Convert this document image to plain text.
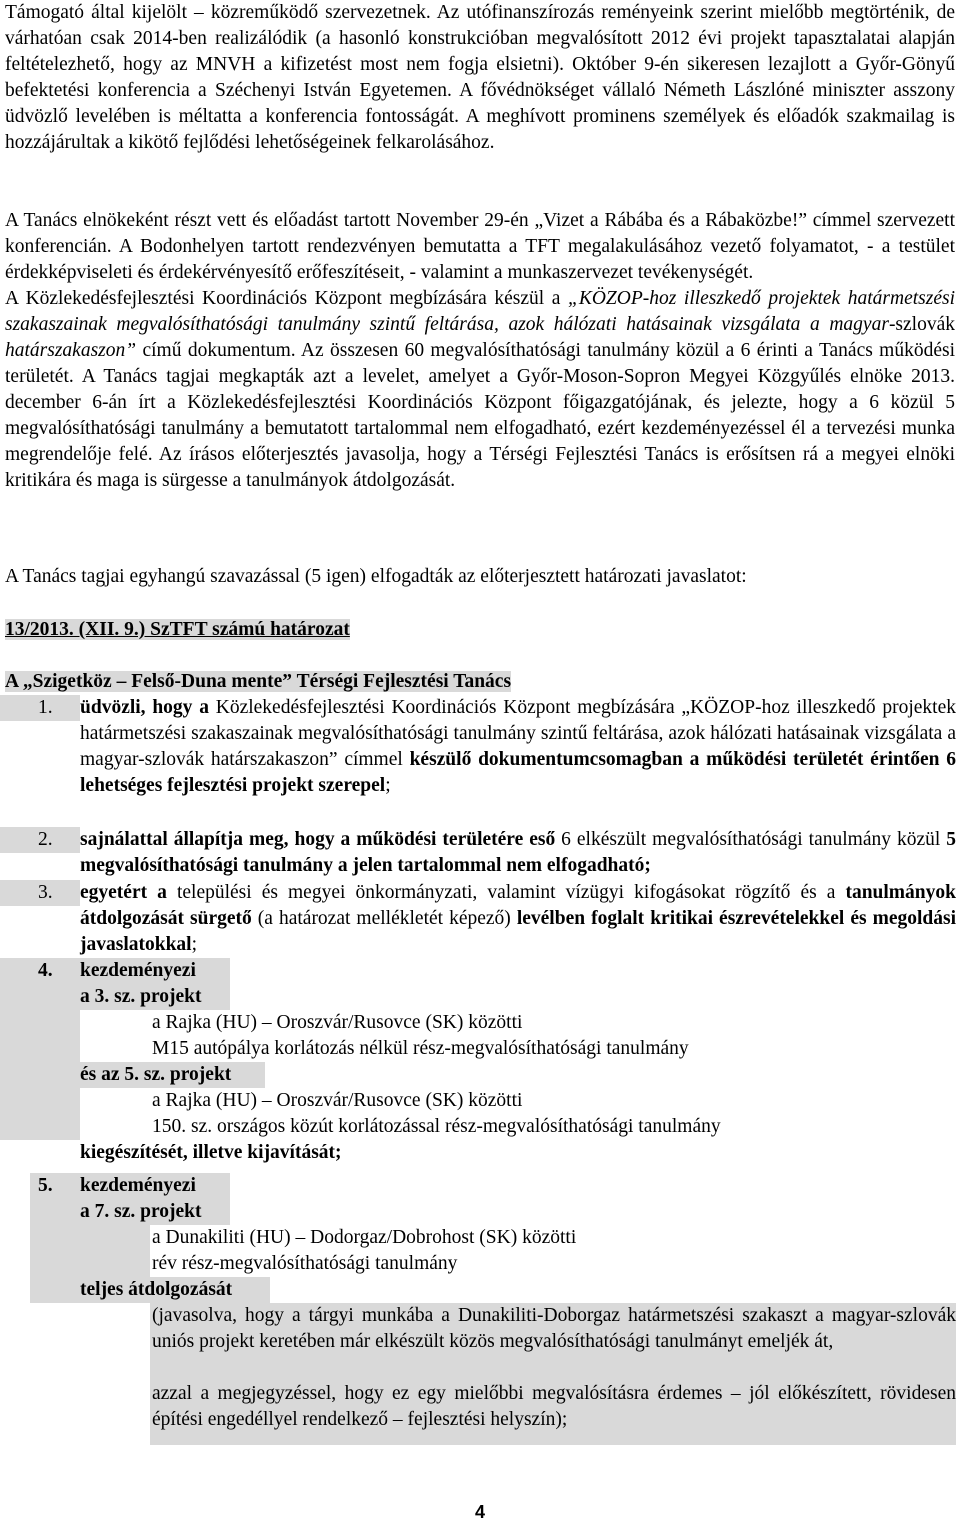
Támogató által kijelölt – közreműködő szervezetnek. Az utófinanszírozás reményeink szerint mielőbb megtörténik, de várhatóan csak 2014-ben realizálódik (a hasonló konstrukcióban megvalósított 2012 évi projekt tapasztalatai alapján feltételezhető, hogy az MNVH a kifizetést most nem fogja elsietni). Október 9-én sikeresen lezajlott a Győr-Gönyű befektetési konferencia a Széchenyi István Egyetemen. A fővédnökséget vállaló Németh Lászlóné miniszter asszony üdvözlő levelében is méltatta a konferencia fontosságát. A meghívott prominens személyek és előadók szakmailag is hozzájárultak a kikötő fejlődési lehetőségeinek felkarolásához.

A Tanács elnökeként részt vett és előadást tartott November 29-én „Vizet a Rábába és a Rábaközbe!” címmel szervezett konferencián. A Bodonhelyen tartott rendezvényen bemutatta a TFT megalakulásához vezető folyamatot, - a testület érdekképviseleti és érdekérvényesítő erőfeszítéseit, - valamint a munkaszervezet tevékenységét.

A Közlekedésfejlesztési Koordinációs Központ megbízására készül a „KÖZOP-hoz illeszkedő projektek határmetszési szakaszainak megvalósíthatósági tanulmány szintű feltárása, azok hálózati hatásainak vizsgálata a magyar-szlovák határszakaszon” című dokumentum. Az összesen 60 megvalósíthatósági tanulmány közül a 6 érinti a Tanács működési területét. A Tanács tagjai megkapták azt a levelet, amelyet a Győr-Moson-Sopron Megyei Közgyűlés elnöke 2013. december 6-án írt a Közlekedésfejlesztési Koordinációs Központ főigazgatójának, és jelezte, hogy a 6 közül 5 megvalósíthatósági tanulmány a bemutatott tartalommal nem elfogadható, ezért kezdeményezéssel él a tervezési munka megrendelője felé. Az írásos előterjesztés javasolja, hogy a Térségi Fejlesztési Tanács is erősítsen rá a megyei elnöki kritikára és maga is sürgesse a tanulmányok átdolgozását.

A Tanács tagjai egyhangú szavazással (5 igen) elfogadták az előterjesztett határozati javaslatot:

13/2013. (XII. 9.) SzTFT számú határozat

A „Szigetköz – Felső-Duna mente” Térségi Fejlesztési Tanács

1.	üdvözli, hogy a Közlekedésfejlesztési Koordinációs Központ megbízására „KÖZOP-hoz illeszkedő projektek határmetszési szakaszainak megvalósíthatósági tanulmány szintű feltárása, azok hálózati hatásainak vizsgálata a magyar-szlovák határszakaszon” címmel készülő dokumentumcsomagban a működési területét érintően 6 lehetséges fejlesztési projekt szerepel;

2.	sajnálattal állapítja meg, hogy a működési területére eső 6 elkészült megvalósíthatósági tanulmány közül 5 megvalósíthatósági tanulmány a jelen tartalommal nem elfogadható;

3.	egyetért a települési és megyei önkormányzati, valamint vízügyi kifogásokat rögzítő és a tanulmányok átdolgozását sürgető (a határozat mellékletét képező) levélben foglalt kritikai észrevételekkel és megoldási javaslatokkal;

4.	kezdeményezi

a 3. sz. projekt

a Rajka (HU) – Oroszvár/Rusovce (SK) közötti

M15 autópálya korlátozás nélkül rész-megvalósíthatósági tanulmány

és az 5. sz. projekt

a Rajka (HU) – Oroszvár/Rusovce (SK) közötti

150. sz. országos közút korlátozással rész-megvalósíthatósági tanulmány

kiegészítését, illetve kijavítását;

5.	kezdeményezi

a 7. sz. projekt

a Dunakiliti (HU) – Dodorgaz/Dobrohost (SK) közötti

rév rész-megvalósíthatósági tanulmány

teljes átdolgozását

(javasolva, hogy a tárgyi munkába a Dunakiliti-Doborgaz határmetszési szakaszt a magyar-szlovák uniós projekt keretében már elkészült közös megvalósíthatósági tanulmányt emeljék át,

azzal a megjegyzéssel, hogy ez egy mielőbbi megvalósításra érdemes – jól előkészített, rövidesen építési engedéllyel rendelkező – fejlesztési helyszín);

4
